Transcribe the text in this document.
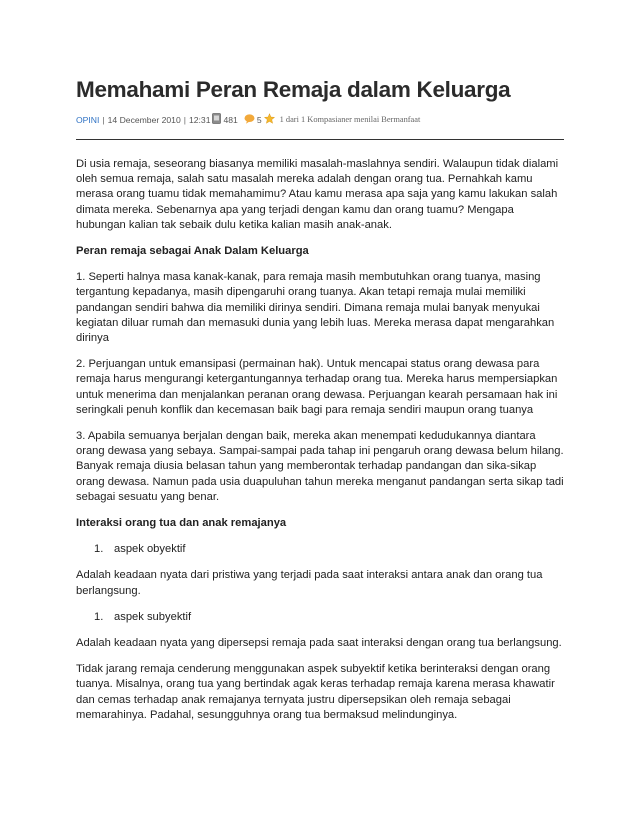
Memahami Peran Remaja dalam Keluarga
OPINI | 14 December 2010 | 12:31 481 5 1 dari 1 Kompasianer menilai Bermanfaat

Di usia remaja, seseorang biasanya memiliki masalah-maslahnya sendiri. Walaupun tidak dialami oleh semua remaja, salah satu masalah mereka adalah dengan orang tua. Pernahkah kamu merasa orang tuamu tidak memahamimu? Atau kamu merasa apa saja yang kamu lakukan salah dimata mereka. Sebenarnya apa yang terjadi dengan kamu dan orang tuamu? Mengapa hubungan kalian tak sebaik dulu ketika kalian masih anak-anak.

Peran remaja sebagai Anak Dalam Keluarga

1. Seperti halnya masa kanak-kanak, para remaja masih membutuhkan orang tuanya, masing tergantung kepadanya, masih dipengaruhi orang tuanya. Akan tetapi remaja mulai memiliki pandangan sendiri bahwa dia memiliki dirinya sendiri. Dimana remaja mulai banyak menyukai kegiatan diluar rumah dan memasuki dunia yang lebih luas. Mereka merasa dapat mengarahkan dirinya

2. Perjuangan untuk emansipasi (permainan hak). Untuk mencapai status orang dewasa para remaja harus mengurangi ketergantungannya terhadap orang tua. Mereka harus mempersiapkan untuk menerima dan menjalankan peranan orang dewasa. Perjuangan kearah persamaan hak ini seringkali penuh konflik dan kecemasan baik bagi para remaja sendiri maupun orang tuanya

3. Apabila semuanya berjalan dengan baik, mereka akan menempati kedudukannya diantara orang dewasa yang sebaya. Sampai-sampai pada tahap ini pengaruh orang dewasa belum hilang. Banyak remaja diusia belasan tahun yang memberontak terhadap pandangan dan sika-sikap orang dewasa. Namun pada usia duapuluhan tahun mereka menganut pandangan serta sikap tadi sebagai sesuatu yang benar.

Interaksi orang tua dan anak remajanya

1. aspek obyektif

Adalah keadaan nyata dari pristiwa yang terjadi pada saat interaksi antara anak dan orang tua berlangsung.

1. aspek subyektif

Adalah keadaan nyata yang dipersepsi remaja pada saat interaksi dengan orang tua berlangsung.

Tidak jarang remaja cenderung menggunakan aspek subyektif ketika berinteraksi dengan orang tuanya. Misalnya, orang tua yang bertindak agak keras terhadap remaja karena merasa khawatir dan cemas terhadap anak remajanya ternyata justru dipersepsikan oleh remaja sebagai memarahinya. Padahal, sesungguhnya orang tua bermaksud melindunginya.
